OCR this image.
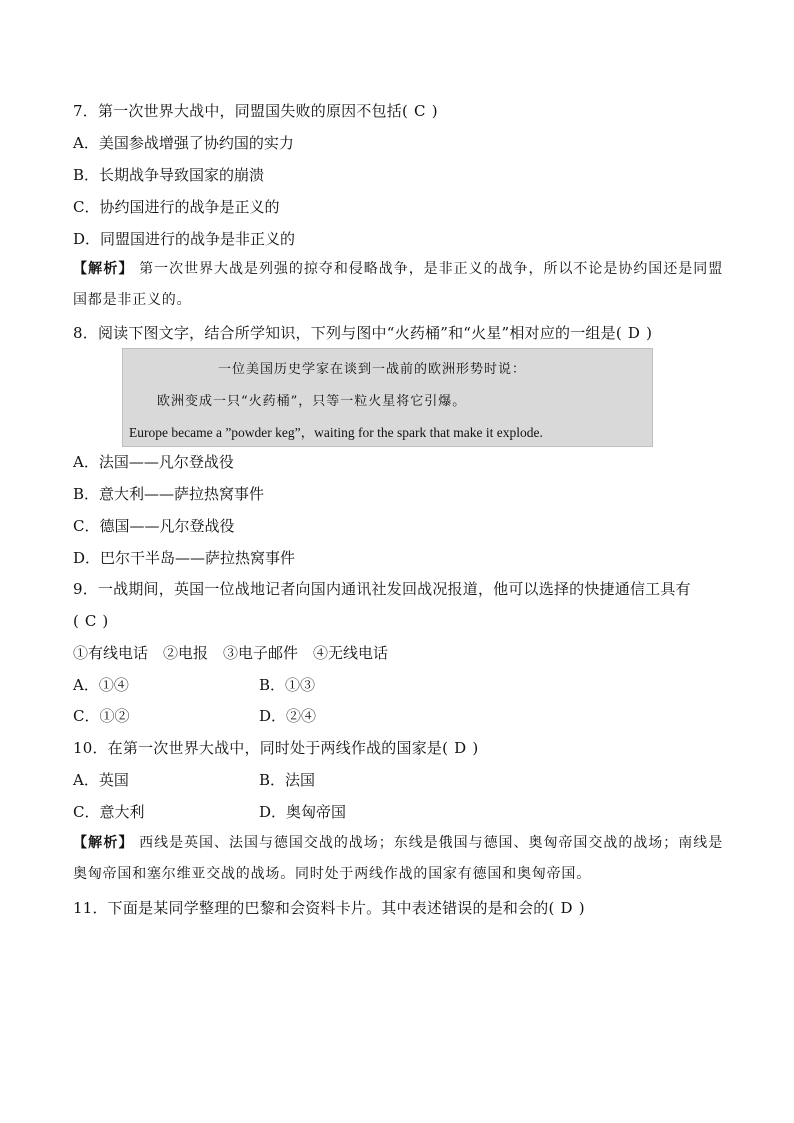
7．第一次世界大战中，同盟国失败的原因不包括( C )
A．美国参战增强了协约国的实力
B．长期战争导致国家的崩溃
C．协约国进行的战争是正义的
D．同盟国进行的战争是非正义的
【解析】 第一次世界大战是列强的掠夺和侵略战争，是非正义的战争，所以不论是协约国还是同盟国都是非正义的。
8．阅读下图文字，结合所学知识，下列与图中“火药桶”和“火星”相对应的一组是( D )
一位美国历史学家在谈到一战前的欧洲形势时说：
欧洲变成一只“火药桶”，只等一粒火星将它引爆。
Europe became a ”powder keg”，waiting for the spark that make it explode.
A．法国——凡尔登战役
B．意大利——萨拉热窝事件
C．德国——凡尔登战役
D．巴尔干半岛——萨拉热窝事件
9．一战期间，英国一位战地记者向国内通讯社发回战况报道，他可以选择的快捷通信工具有
( C )
①有线电话　②电报　③电子邮件　④无线电话
A．①④	B．①③
C．①②	D．②④
10．在第一次世界大战中，同时处于两线作战的国家是( D )
A．英国	B．法国
C．意大利	D．奥匈帝国
【解析】 西线是英国、法国与德国交战的战场；东线是俄国与德国、奥匈帝国交战的战场；南线是奥匈帝国和塞尔维亚交战的战场。同时处于两线作战的国家有德国和奥匈帝国。
11．下面是某同学整理的巴黎和会资料卡片。其中表述错误的是和会的( D )
